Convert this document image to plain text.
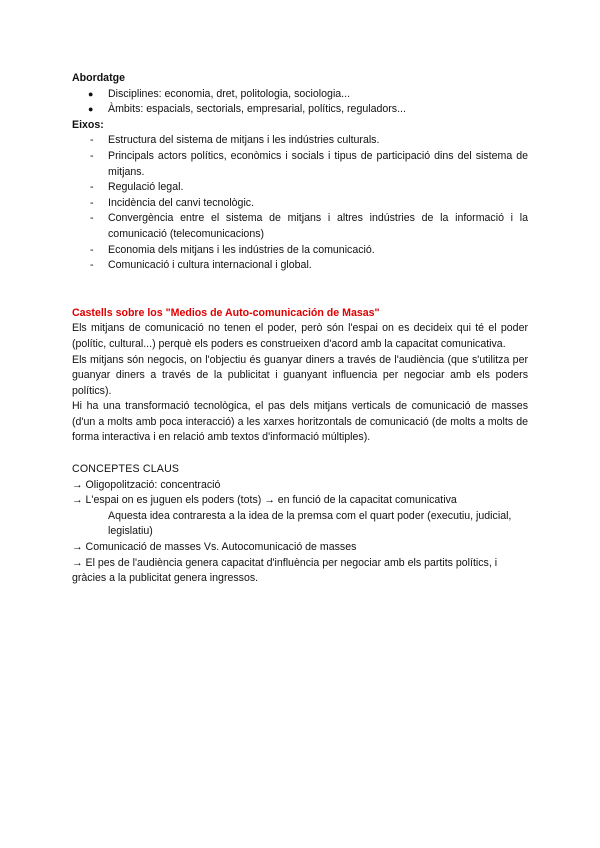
Abordatge
● Disciplines: economia, dret, politologia, sociologia...
● Àmbits: espacials, sectorials, empresarial, polítics, reguladors...
Eixos:
- Estructura del sistema de mitjans i les indústries culturals.
- Principals actors polítics, econòmics i socials i tipus de participació dins del sistema de mitjans.
- Regulació legal.
- Incidència del canvi tecnològic.
- Convergència entre el sistema de mitjans i altres indústries de la informació i la comunicació (telecomunicacions)
- Economia dels mitjans i les indústries de la comunicació.
- Comunicació i cultura internacional i global.
Castells sobre los "Medios de Auto-comunicación de Masas"

Els mitjans de comunicació no tenen el poder, però són l'espai on es decideix qui té el poder (polític, cultural...) perquè els poders es construeixen d'acord amb la capacitat comunicativa.

Els mitjans són negocis, on l'objectiu és guanyar diners a través de l'audiència (que s'utilitza per guanyar diners a través de la publicitat i guanyant influencia per negociar amb els poders polítics).

Hi ha una transformació tecnològica, el pas dels mitjans verticals de comunicació de masses (d'un a molts amb poca interacció) a les xarxes horitzontals de comunicació (de molts a molts de forma interactiva i en relació amb textos d'informació múltiples).

CONCEPTES CLAUS

→ Oligopolització: concentració

→ L'espai on es juguen els poders (tots) → en funció de la capacitat comunicativa

Aquesta idea contraresta a la idea de la premsa com el quart poder (executiu, judicial, legislatiu)

→ Comunicació de masses Vs. Autocomunicació de masses

→ El pes de l'audiència genera capacitat d'influència per negociar amb els partits polítics, i gràcies a la publicitat genera ingressos.
